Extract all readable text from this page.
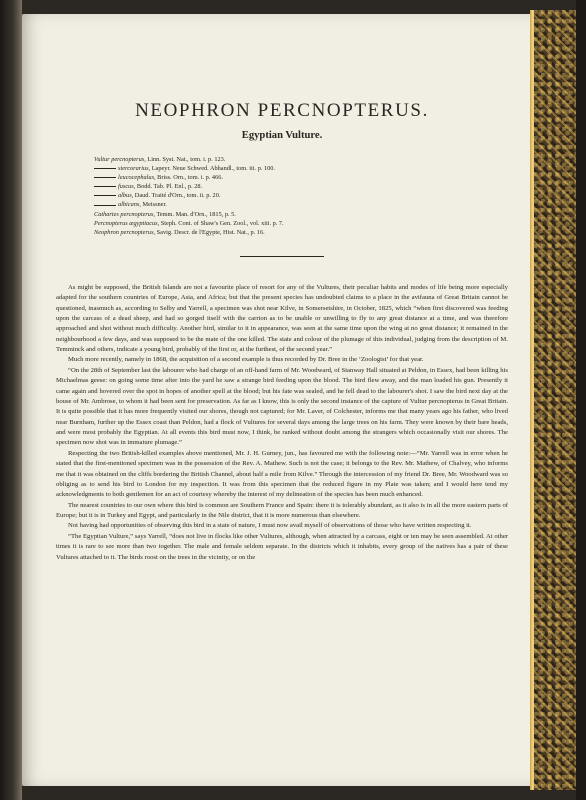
NEOPHRON PERCNOPTERUS.
Egyptian Vulture.
Vultur percnopterus, Linn. Syst. Nat., tom. i. p. 123.
stercorarius, Lapeyr. Neue Schwed. Abhandl., tom. iii. p. 100.
leucocephalus, Briss. Orn., tom. i. p. 466.
fuscus, Bodd. Tab. Pl. Enl., p. 28.
albus, Daud. Traité d'Orn., tom. ii. p. 20.
albicans, Meissner.
Cathartes percnopterus, Temm. Man. d'Orn., 1815, p. 5.
Percnopterus ægyptiacus, Steph. Cont. of Shaw's Gen. Zool., vol. xiii. p. 7.
Neophron percnopterus, Savig. Descr. de l'Egypte, Hist. Nat., p. 16.

As might be supposed, the British Islands are not a favourite place of resort for any of the Vultures, their peculiar habits and modes of life being more especially adapted for the southern countries of Europe, Asia, and Africa; but that the present species has undoubted claims to a place in the avifauna of Great Britain cannot be questioned, inasmuch as, according to Selby and Yarrell, a specimen was shot near Kilve, in Somersetshire, in October, 1825, which “when first discovered was feeding upon the carcass of a dead sheep, and had so gorged itself with the carrion as to be unable or unwilling to fly to any great distance at a time, and was therefore approached and shot without much difficulty. Another bird, similar to it in appearance, was seen at the same time upon the wing at no great distance; it remained in the neighbourhood a few days, and was supposed to be the mate of the one killed. The state and colour of the plumage of this individual, judging from the description of M. Temminck and others, indicate a young bird, probably of the first or, at the furthest, of the second year.”

Much more recently, namely in 1868, the acquisition of a second example is thus recorded by Dr. Bree in the ‘Zoologist’ for that year.

“On the 28th of September last the labourer who had charge of an off-hand farm of Mr. Woodward, of Stanway Hall situated at Peldon, in Essex, had been killing his Michaelmas geese: on going some time after into the yard he saw a strange bird feeding upon the blood. The bird flew away, and the man loaded his gun. Presently it came again and hovered over the spot in hopes of another spell at the blood; but his fate was sealed, and he fell dead to the labourer's shot. I saw the bird next day at the house of Mr. Ambrose, to whom it had been sent for preservation. As far as I know, this is only the second instance of the capture of Vultur percnopterus in Great Britain. It is quite possible that it has more frequently visited our shores, though not captured; for Mr. Laver, of Colchester, informs me that many years ago his father, who lived near Burnham, further up the Essex coast than Peldon, had a flock of Vultures for several days among the large trees on his farm. They were known by their bare heads, and were most probably the Egyptian. At all events this bird must now, I think, be ranked without doubt among the strangers which occasionally visit our shores. The specimen now shot was in immature plumage.”

Respecting the two British-killed examples above mentioned, Mr. J. H. Gurney, jun., has favoured me with the following note:—“Mr. Yarrell was in error when he stated that the first-mentioned specimen was in the possession of the Rev. A. Mathew. Such is not the case; it belongs to the Rev. Mr. Mathew, of Chalvey, who informs me that it was obtained on the cliffs bordering the British Channel, about half a mile from Kilve.” Through the intercession of my friend Dr. Bree, Mr. Woodward was so obliging as to send his bird to London for my inspection. It was from this specimen that the reduced figure in my Plate was taken; and I would here tend my acknowledgments to both gentlemen for an act of courtesy whereby the interest of my delineation of the species has been much enhanced.

The nearest countries to our own where this bird is common are Southern France and Spain: there it is tolerably abundant, as it also is in all the more eastern parts of Europe; but it is in Turkey and Egypt, and particularly in the Nile district, that it is more numerous than elsewhere.

Not having had opportunities of observing this bird in a state of nature, I must now avail myself of observations of those who have written respecting it.

“The Egyptian Vulture,” says Yarrell, “does not live in flocks like other Vultures, although, when attracted by a carcass, eight or ten may be seen assembled. At other times it is rare to see more than two together. The male and female seldom separate. In the districts which it inhabits, every group of the natives has a pair of these Vultures attached to it. The birds roost on the trees in the vicinity, or on the
